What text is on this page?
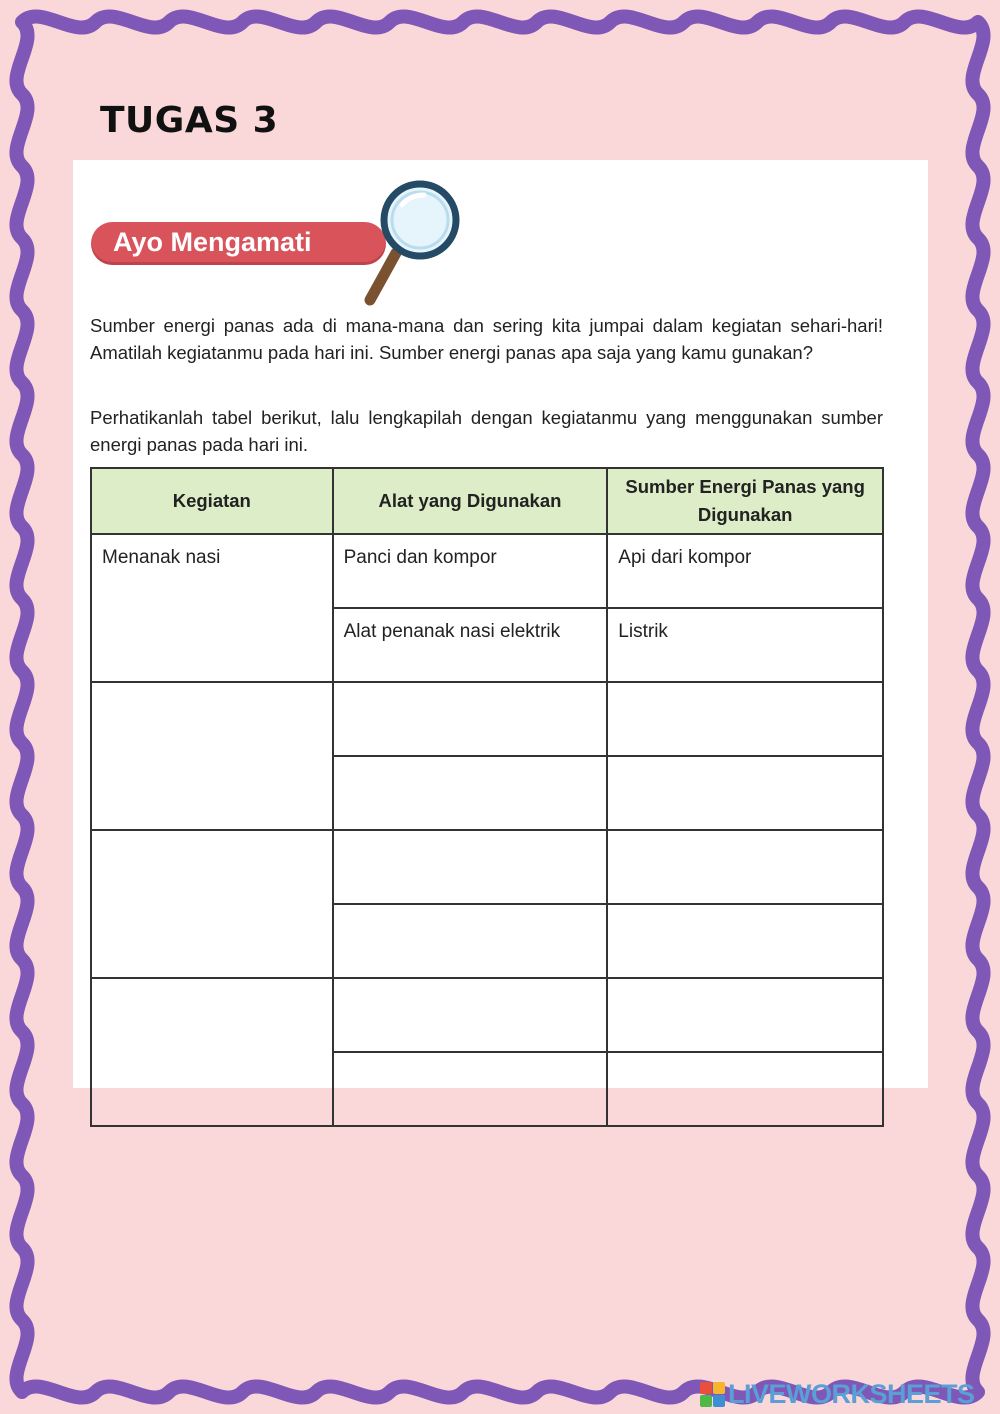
TUGAS 3
Ayo Mengamati

Sumber energi panas ada di mana-mana dan sering kita jumpai dalam kegiatan sehari-hari! Amatilah kegiatanmu pada hari ini. Sumber energi panas apa saja yang kamu gunakan?

Perhatikanlah tabel berikut, lalu lengkapilah dengan kegiatanmu yang menggunakan sumber energi panas pada hari ini.

Kegiatan	Alat yang Digunakan	Sumber Energi Panas yang Digunakan
Menanak nasi	Panci dan kompor	Api dari kompor
	Alat penanak nasi elektrik	Listrik

LIVEWORKSHEETS
